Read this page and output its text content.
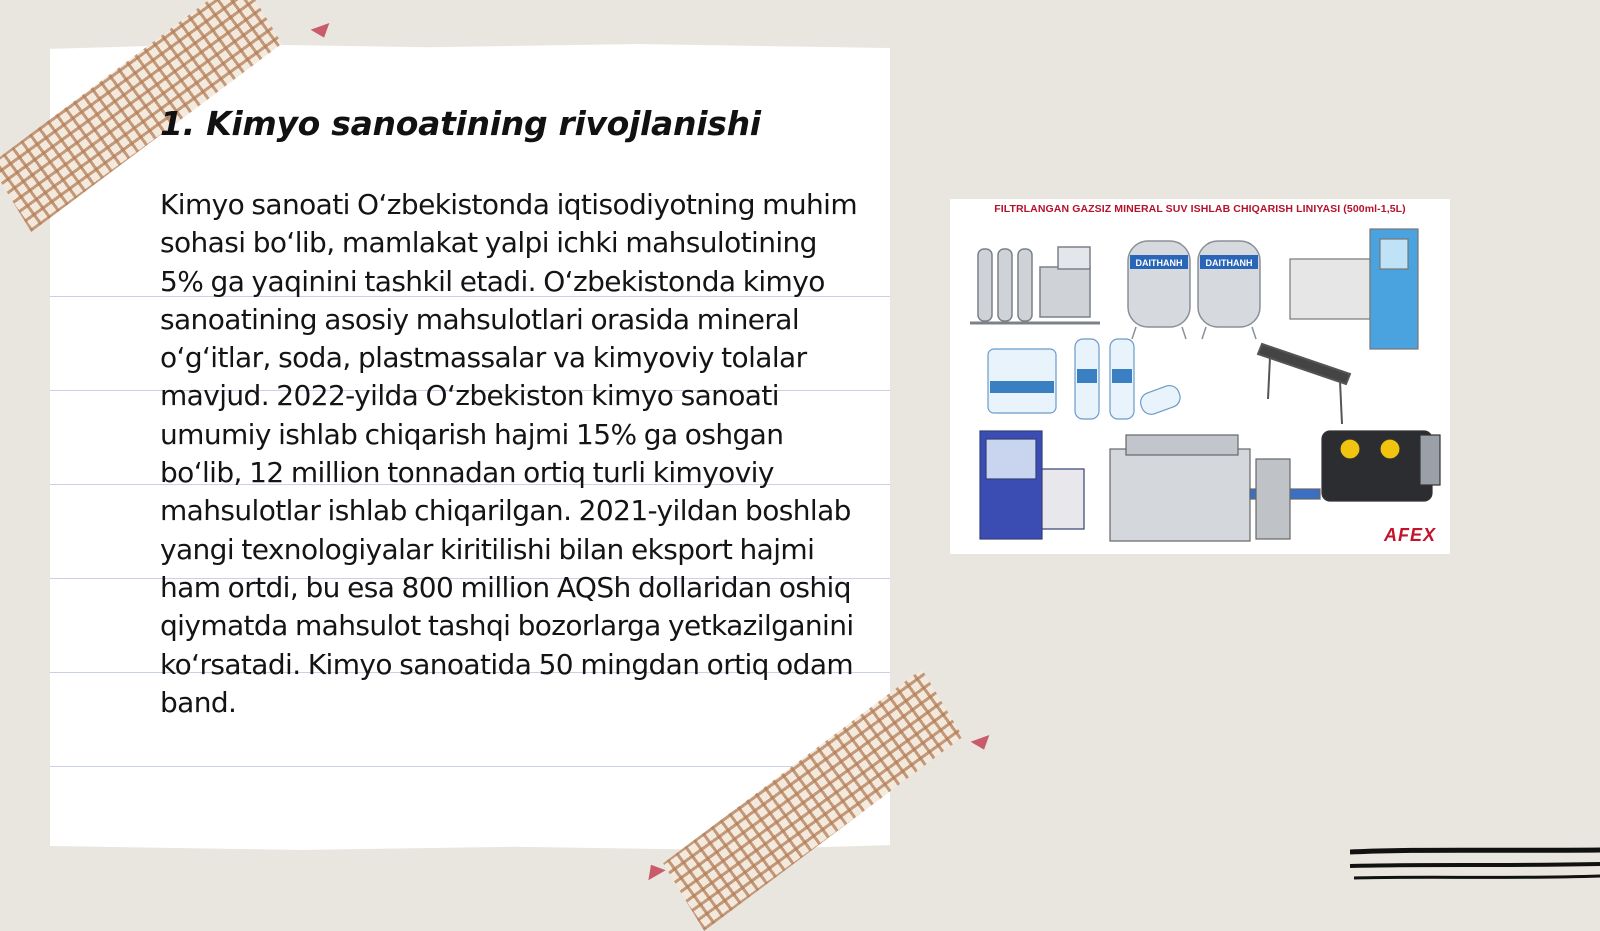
1. Kimyo sanoatining rivojlanishi

Kimyo sanoati O‘zbekistonda iqtisodiyotning muhim sohasi bo‘lib, mamlakat yalpi ichki mahsulotining 5% ga yaqinini tashkil etadi. O‘zbekistonda kimyo sanoatining asosiy mahsulotlari orasida mineral o‘g‘itlar, soda, plastmassalar va kimyoviy tolalar mavjud. 2022-yilda O‘zbekiston kimyo sanoati umumiy ishlab chiqarish hajmi 15% ga oshgan bo‘lib, 12 million tonnadan ortiq turli kimyoviy mahsulotlar ishlab chiqarilgan. 2021-yildan boshlab yangi texnologiyalar kiritilishi bilan eksport hajmi ham ortdi, bu esa 800 million AQSh dollaridan oshiq qiymatda mahsulot tashqi bozorlarga yetkazilganini ko‘rsatadi. Kimyo sanoatida 50 mingdan ortiq odam band.

DAITHANH	DAITHANH
FILTRLANGAN GAZSIZ MINERAL SUV ISHLAB CHIQARISH LINIYASI (500ml-1,5L)
AFEX
